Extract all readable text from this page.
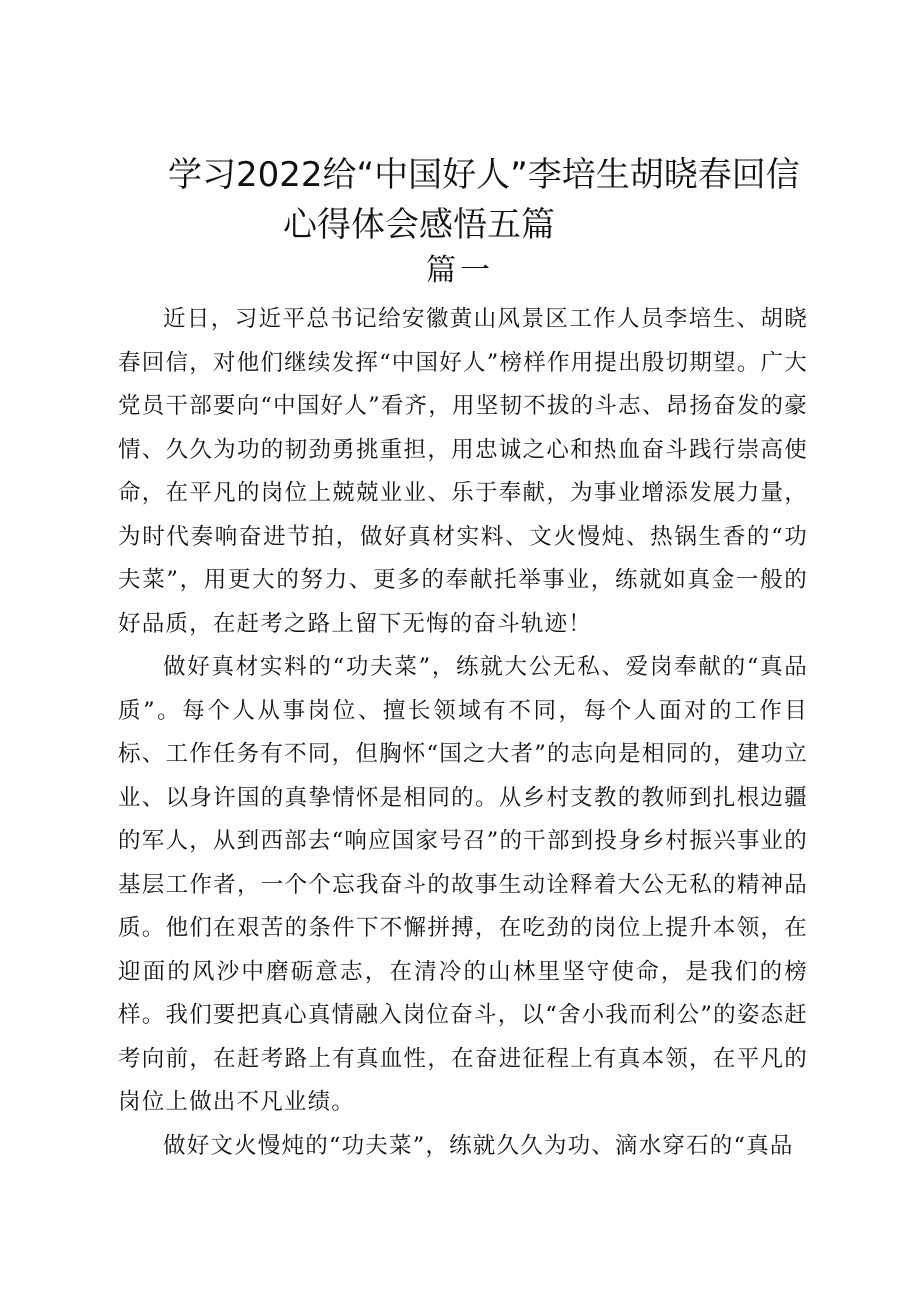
学习2022给“中国好人”李培生胡晓春回信
心得体会感悟五篇
篇一

近日，习近平总书记给安徽黄山风景区工作人员李培生、胡晓春回信，对他们继续发挥“中国好人”榜样作用提出殷切期望。广大党员干部要向“中国好人”看齐，用坚韧不拔的斗志、昂扬奋发的豪情、久久为功的韧劲勇挑重担，用忠诚之心和热血奋斗践行崇高使命，在平凡的岗位上兢兢业业、乐于奉献，为事业增添发展力量，为时代奏响奋进节拍，做好真材实料、文火慢炖、热锅生香的“功夫菜”，用更大的努力、更多的奉献托举事业，练就如真金一般的好品质，在赶考之路上留下无悔的奋斗轨迹！

做好真材实料的“功夫菜”，练就大公无私、爱岗奉献的“真品质”。每个人从事岗位、擅长领域有不同，每个人面对的工作目标、工作任务有不同，但胸怀“国之大者”的志向是相同的，建功立业、以身许国的真挚情怀是相同的。从乡村支教的教师到扎根边疆的军人，从到西部去“响应国家号召”的干部到投身乡村振兴事业的基层工作者，一个个忘我奋斗的故事生动诠释着大公无私的精神品质。他们在艰苦的条件下不懈拼搏，在吃劲的岗位上提升本领，在迎面的风沙中磨砺意志，在清冷的山林里坚守使命，是我们的榜样。我们要把真心真情融入岗位奋斗，以“舍小我而利公”的姿态赶考向前，在赶考路上有真血性，在奋进征程上有真本领，在平凡的岗位上做出不凡业绩。

做好文火慢炖的“功夫菜”，练就久久为功、滴水穿石的“真品
